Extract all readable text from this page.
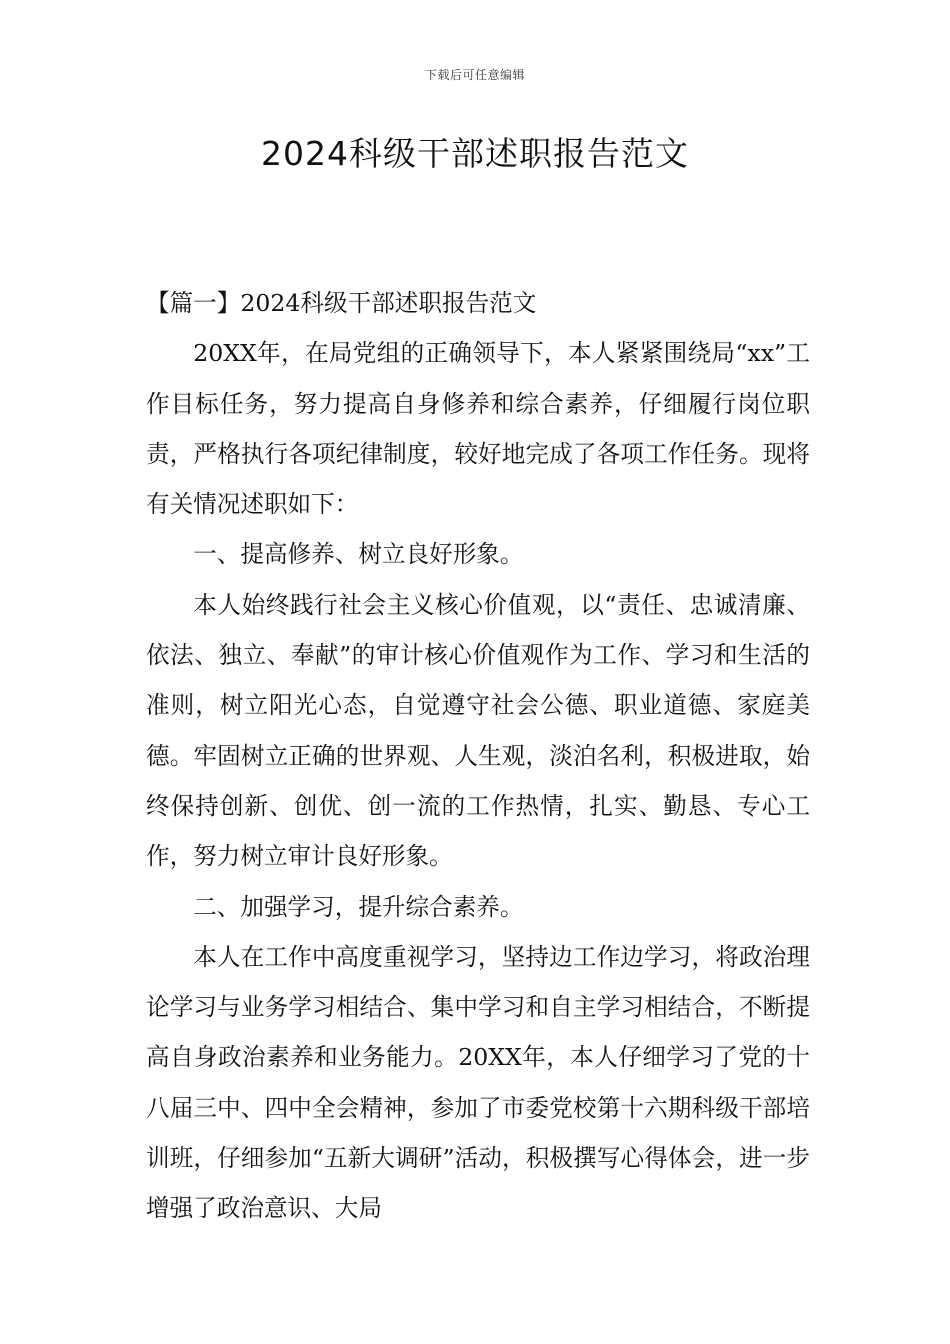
下载后可任意编辑
2024科级干部述职报告范文

【篇一】2024科级干部述职报告范文

20XX年，在局党组的正确领导下，本人紧紧围绕局“xx”工作目标任务，努力提高自身修养和综合素养，仔细履行岗位职责，严格执行各项纪律制度，较好地完成了各项工作任务。现将有关情况述职如下：

一、提高修养、树立良好形象。

本人始终践行社会主义核心价值观，以“责任、忠诚清廉、依法、独立、奉献”的审计核心价值观作为工作、学习和生活的准则，树立阳光心态，自觉遵守社会公德、职业道德、家庭美德。牢固树立正确的世界观、人生观，淡泊名利，积极进取，始终保持创新、创优、创一流的工作热情，扎实、勤恳、专心工作，努力树立审计良好形象。

二、加强学习，提升综合素养。

本人在工作中高度重视学习，坚持边工作边学习，将政治理论学习与业务学习相结合、集中学习和自主学习相结合，不断提高自身政治素养和业务能力。20XX年，本人仔细学习了党的十八届三中、四中全会精神，参加了市委党校第十六期科级干部培训班，仔细参加“五新大调研”活动，积极撰写心得体会，进一步增强了政治意识、大局
